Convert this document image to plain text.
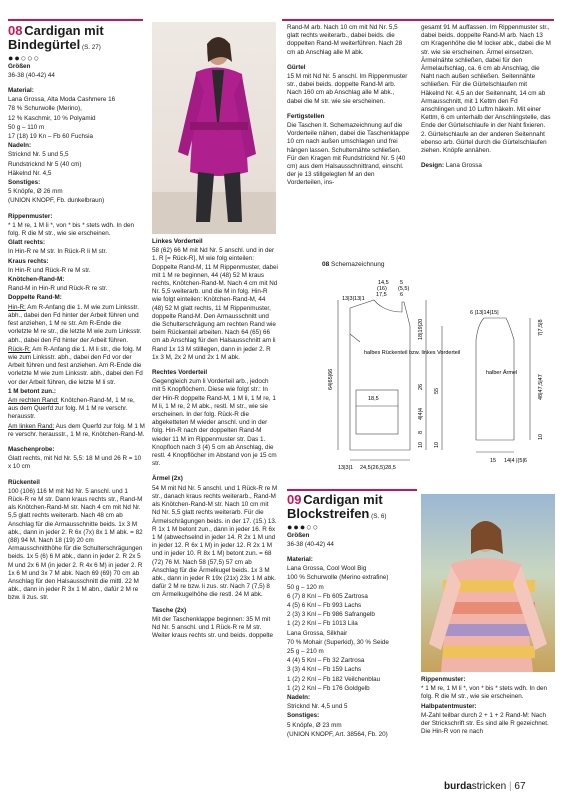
08 Cardigan mit
Bindegürtel (S. 27)
●●○○○

Größen

36-38 (40-42) 44

Material:

Lana Grossa, Alta Moda Cashmere 16

78 % Schurwolle (Merino),

12 % Kaschmir, 10 % Polyamid

50 g – 110 m

17 (18) 19 Kn – Fb 60 Fuchsia

Nadeln:

Stricknd Nr. 5 und 5,5

Rundstricknd Nr 5 (40 cm)

Häkelnd Nr. 4,5

Sonstiges:

5 Knöpfe, Ø 26 mm

(UNION KNOPF, Fb. dunkelbraun)

Rippenmuster:

* 1 M re, 1 M li *, von * bis * stets wdh. In den folg. R die M str., wie sie erscheinen.

Glatt rechts:

In Hin-R re M str. In Rück-R li M str.

Kraus rechts:

In Hin-R und Rück-R re M str.

Knötchen-Rand-M:

Rand-M in Hin-R und Rück-R re str.

Doppelte Rand-M:

Hin-R: Am R-Anfang die 1. M wie zum Linksstr. abh., dabei den Fd hinter der Arbeit führen und fest anziehen, 1 M re str. Am R-Ende die vorletzte M re str., die letzte M wie zum Linksstr. abh., dabei den Fd hinter der Arbeit führen.

Rück-R: Am R-Anfang die 1. M li str., die folg. M wie zum Linksstr. abh., dabei den Fd vor der Arbeit führen und fest anziehen. Am R-Ende die vorletzte M wie zum Linksstr. abh., dabei den Fd vor der Arbeit führen, die letzte M li str.

1 M betont zun.:

Am rechten Rand: Knötchen-Rand-M, 1 M re, aus dem Querfd zur folg. M 1 M re verschr. herausstr.

Am linken Rand: Aus dem Querfd zur folg. M 1 M re verschr. herausstr., 1 M re, Knötchen-Rand-M.

Maschenprobe:

Glatt rechts, mit Nd Nr. 5,5: 18 M und 26 R = 10 x 10 cm

Rückenteil

100 (106) 116 M mit Nd Nr. 5 anschl. und 1 Rück-R re M str. Dann kraus rechts str., Rand-M als Knötchen-Rand-M str. Nach 4 cm mit Nd Nr. 5,5 glatt rechts weiterarb. Nach 48 cm ab Anschlag für die Armausschnitte beids. 1x 3 M abk., dann in jeder 2. R 6x (7x) 8x 1 M abk. = 82 (88) 94 M. Nach 18 (19) 20 cm Armausschnitthöhe für die Schulterschrägungen beids. 1x 5 (6) 6 M abk., dann in jeder 2. R 2x 5 M und 2x 6 M (in jeder 2. R 4x 6 M) in jeder 2. R 1x 6 M und 3x 7 M abk. Nach 69 (69) 70 cm ab Anschlag für den Halsausschnitt die mittl. 22 M abk., dann in jeder R 3x 1 M abn., dafür 2 M re bzw. li zus. str.

Linkes Vorderteil

58 (62) 66 M mit Nd Nr. 5 anschl. und in der 1. R [= Rück-R], M wie folg einteilen: Doppelte Rand-M, 11 M Rippenmuster, dabei mit 1 M re beginnen, 44 (48) 52 M kraus rechts, Knötchen-Rand-M. Nach 4 cm mit Nd Nr. 5,5 weiterarb. und die M in folg. Hin-R wie folgt einteilen: Knötchen-Rand-M, 44 (48) 52 M glatt rechts, 11 M Rippenmuster, doppelte Rand-M. Den Armausschnitt und die Schulterschrägung am rechten Rand wie beim Rückenteil arbeiten. Nach 64 (65) 66 cm ab Anschlag für den Halsausschnitt am li Rand 1x 13 M stilllegen, dann in jeder 2. R 1x 3 M, 2x 2 M und 2x 1 M abk.

Rechtes Vorderteil

Gegengleich zum li Vorderteil arb., jedoch mit 5 Knopflöchern. Diese wie folgt str.: In der Hin-R doppelte Rand-M, 1 M li, 1 M re, 1 M li, 1 M re, 2 M abk., restl. M str., wie sie erscheinen. In der folg. Rück-R die abgeketteten M wieder anschl. und in der folg. Hin-R nach der doppelten Rand-M wieder 11 M im Rippenmuster str. Das 1. Knopfloch nach 3 (4) 5 cm ab Anschlag, die restl. 4 Knopflöcher im Abstand von je 15 cm str.

Ärmel (2x)

54 M mit Nd Nr. 5 anschl. und 1 Rück-R re M str., danach kraus rechts weiterarb., Rand-M als Knötchen-Rand-M str. Nach 10 cm mit Nd Nr. 5,5 glatt rechts weiterarb. Für die Ärmelschrägungen beids. in der 17. (15.) 13. R 1x 1 M betont zun., dann in jeder 16. R 6x 1 M (abwechselnd in jeder 14. R 2x 1 M und in jeder 12. R 6x 1 M) in jeder 12. R 2x 1 M und in jeder 10. R 8x 1 M) betont zun. = 68 (72) 76 M. Nach 58 (57,5) 57 cm ab Anschlag für die Ärmelkugel beids. 1x 3 M abk., dann in jeder R 19x (21x) 23x 1 M abk. dafür 2 M re bzw. li zus. str. Nach 7 (7,5) 8 cm Ärmelkugelhöhe die restl. 24 M abk.

Tasche (2x)

Mit der Taschenklappe beginnen: 35 M mit Nd Nr. 5 anschl. und 1 Rück-R re M str. Weiter kraus rechts str. und beids. doppelte

Rand-M arb. Nach 10 cm mit Nd Nr. 5,5 glatt rechts weiterarb., dabei beids. die doppelten Rand-M weiterführen. Nach 28 cm ab Anschlag alle M abk.

Gürtel

15 M mit Nd Nr. 5 anschl. Im Rippenmuster str., dabei beids. doppelte Rand-M arb. Nach 160 cm ab Anschlag alle M abk., dabei die M str. wie sie erscheinen.

Fertigstellen

Die Taschen lt. Schemazeichnung auf die Vorderteile nähen, dabei die Taschenklappe 10 cm nach außen umschlagen und frei hängen lassen. Schulternähte schließen. Für den Kragen mit Rundstricknd Nr. 5 (40 cm) aus dem Halsausschnittrand, einschl. der je 13 stillgelegten M an den Vorderteilen, ins-

gesamt 91 M auffassen. Im Rippenmuster str., dabei beids. doppelte Rand-M arb. Nach 13 cm Kragenhöhe die M locker abk., dabei die M str. wie sie erscheinen. Ärmel einsetzen. Ärmelnähte schließen, dabei für den Ärmelaufschlag, ca. 6 cm ab Anschlag, die Naht nach außen schließen. Seitennähte schließen. Für die Gürtelschlaufen mit Häkelnd Nr. 4,5 an der Seitennaht, 14 cm ab Armausschnitt, mit 1 Kettm den Fd anschlingen und 10 Luftm häkeln. Mit einer Kettm, 6 cm unterhalb der Anschlingstelle, das Ende der Gürtelschlaufe in der Naht fixieren. 2. Gürtelschlaufe an der anderen Seitennaht ebenso arb. Gürtel durch die Gürtelschlaufen ziehen. Knöpfe annähen.

Design: Lana Grossa

08 Schemazeichnung
14,5 5
(16) (5,5)
17,5 6
13|3|13|1
halbes Rückenteil bzw. linkes Vorderteil
18,5
24,5(26,5)28,5
13|3|1
64|65|66
18|19|20
26
55
4|4|4
8
10 10
6 |13|14|15|
7|7,5|8
48|47,5|47
10
halber Ärmel
15 14|4 |(5|6
09 Cardigan mit
Blockstreifen (S. 6)
●●●○○

Größen

36-38 (40-42) 44

Material:

Lana Grossa, Cool Wool Big

100 % Schurwolle (Merino extrafine)

50 g – 120 m

6 (7) 8 Knl – Fb 605 Zartrosa

4 (5) 6 Knl – Fb 993 Lachs

2 (3) 3 Knl – Fb 986 Safrangelb

1 (2) 2 Knl – Fb 1013 Lila

Lana Grossa, Silkhair

70 % Mohair (Superkid), 30 % Seide

25 g – 210 m

4 (4) 5 Knl – Fb 32 Zartrosa

3 (3) 4 Knl – Fb 159 Lachs

1 (2) 2 Knl – Fb 182 Veilchenblau

1 (2) 2 Knl – Fb 176 Goldgelb

Nadeln:

Stricknd Nr. 4,5 und 5

Sonstiges:

5 Knöpfe, Ø 23 mm

(UNION KNOPF, Art. 38564, Fb. 20)

Rippenmuster:

* 1 M re, 1 M li *, von * bis * stets wdh. In den folg. R die M str., wie sie erscheinen.

Halbpatentmuster:

M-Zahl teilbar durch 2 + 1 + 2 Rand-M: Nach der Strickschrift str. Es sind alle R gezeichnet. Die Hin-R von re nach

burdastricken | 67
